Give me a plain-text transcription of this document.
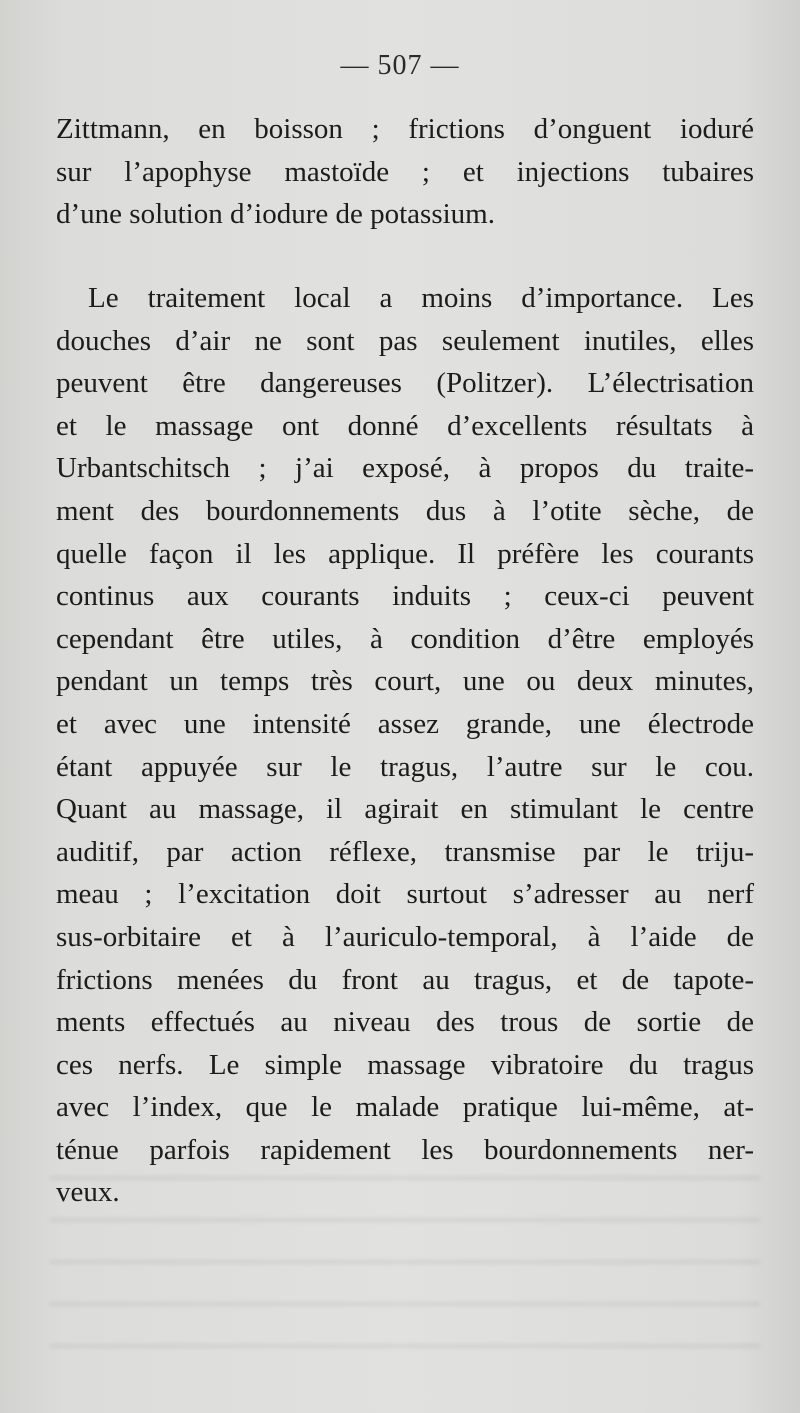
— 507 —
Zittmann, en boisson ; frictions d’onguent ioduré
sur l’apophyse mastoïde ; et injections tubaires
d’une solution d’iodure de potassium.
Le traitement local a moins d’importance. Les
douches d’air ne sont pas seulement inutiles, elles
peuvent être dangereuses (Politzer). L’électrisation
et le massage ont donné d’excellents résultats à
Urbantschitsch ; j’ai exposé, à propos du traite-
ment des bourdonnements dus à l’otite sèche, de
quelle façon il les applique. Il préfère les courants
continus aux courants induits ; ceux-ci peuvent
cependant être utiles, à condition d’être employés
pendant un temps très court, une ou deux minutes,
et avec une intensité assez grande, une électrode
étant appuyée sur le tragus, l’autre sur le cou.
Quant au massage, il agirait en stimulant le centre
auditif, par action réflexe, transmise par le triju-
meau ; l’excitation doit surtout s’adresser au nerf
sus-orbitaire et à l’auriculo-temporal, à l’aide de
frictions menées du front au tragus, et de tapote-
ments effectués au niveau des trous de sortie de
ces nerfs. Le simple massage vibratoire du tragus
avec l’index, que le malade pratique lui-même, at-
ténue parfois rapidement les bourdonnements ner-
veux.
